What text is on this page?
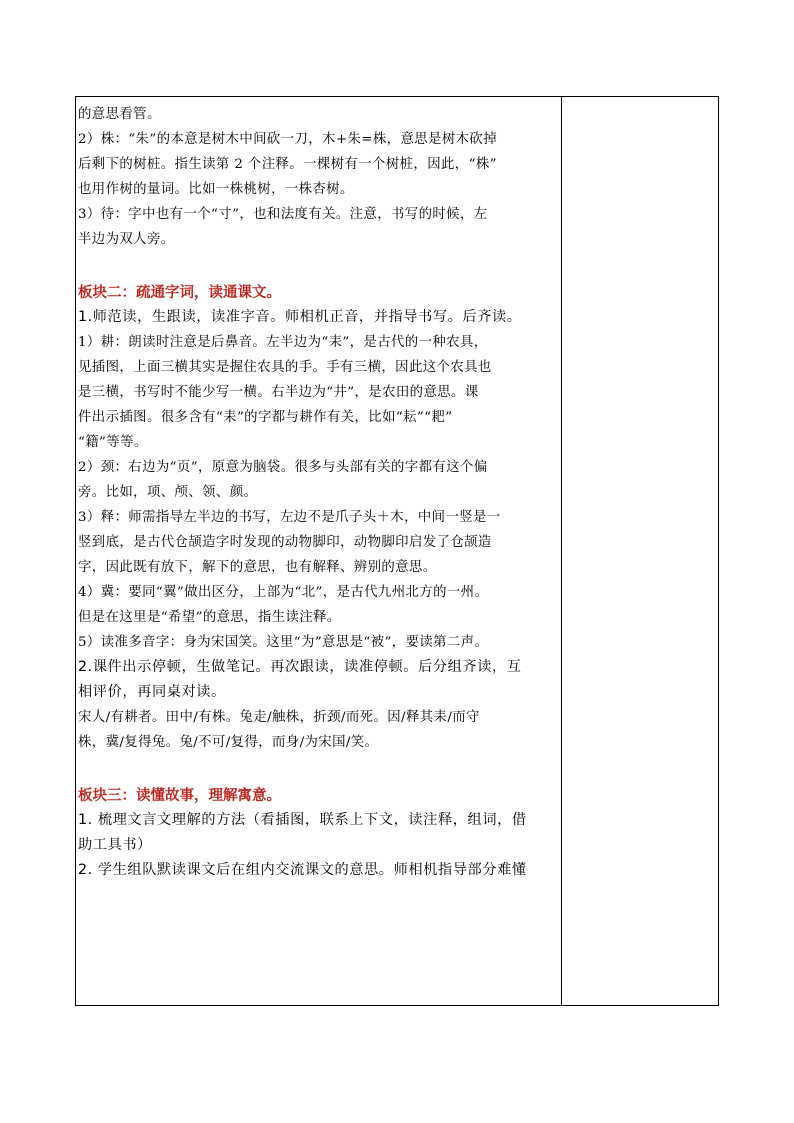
的意思看管。
2）株：“朱”的本意是树木中间砍一刀，木+朱=株，意思是树木砍掉
后剩下的树桩。指生读第 2 个注释。一棵树有一个树桩，因此，“株”
也用作树的量词。比如一株桃树，一株杏树。
3）待：字中也有一个“寸”，也和法度有关。注意，书写的时候，左
半边为双人旁。
板块二：疏通字词，读通课文。
1.师范读，生跟读，读准字音。师相机正音，并指导书写。后齐读。
1）耕：朗读时注意是后鼻音。左半边为“耒”，是古代的一种农具，
见插图，上面三横其实是握住农具的手。手有三横，因此这个农具也
是三横，书写时不能少写一横。右半边为“井”，是农田的意思。课
件出示插图。很多含有“耒”的字都与耕作有关，比如“耘”“耙”
“籍”等等。
2）颈：右边为“页”，原意为脑袋。很多与头部有关的字都有这个偏
旁。比如，项、颅、领、颜。
3）释：师需指导左半边的书写，左边不是爪子头＋木，中间一竖是一
竖到底，是古代仓颉造字时发现的动物脚印，动物脚印启发了仓颉造
字，因此既有放下，解下的意思，也有解释、辨别的意思。
4）冀：要同“翼”做出区分，上部为“北”，是古代九州北方的一州。
但是在这里是“希望”的意思，指生读注释。
5）读准多音字：身为宋国笑。这里“为”意思是“被”，要读第二声。
2.课件出示停顿，生做笔记。再次跟读，读准停顿。后分组齐读，互
相评价，再同桌对读。
宋人/有耕者。田中/有株。兔走/触株，折颈/而死。因/释其耒/而守
株，冀/复得兔。兔/不可/复得，而身/为宋国/笑。
板块三：读懂故事，理解寓意。
1. 梳理文言文理解的方法（看插图，联系上下文，读注释，组词，借
助工具书）
2. 学生组队默读课文后在组内交流课文的意思。师相机指导部分难懂
